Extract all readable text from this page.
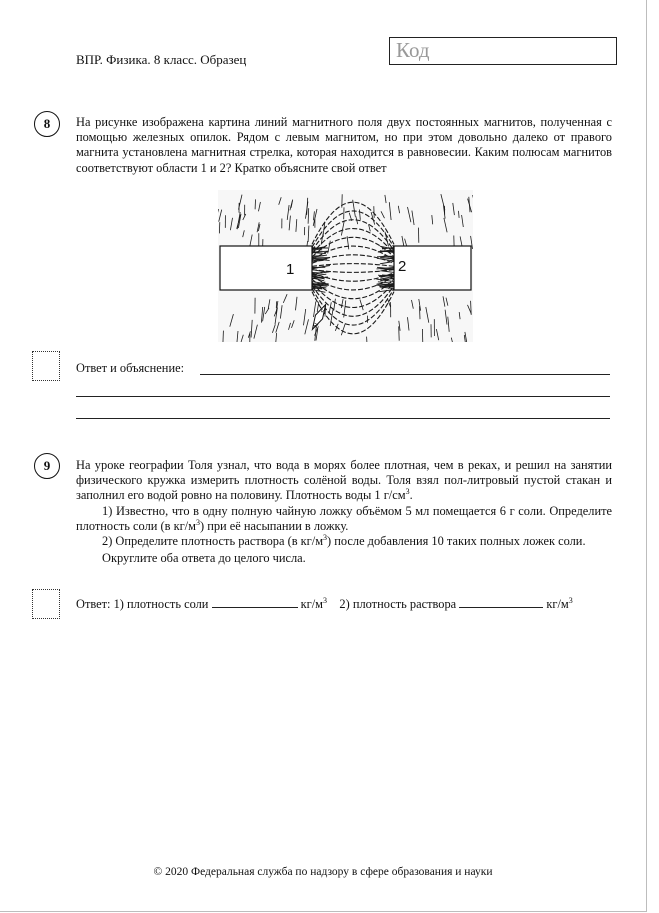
ВПР. Физика. 8 класс. Образец	Код
8	На рисунке изображена картина линий магнитного поля двух постоянных магнитов, полученная с помощью железных опилок. Рядом с левым магнитом, но при этом довольно далеко от правого магнита установлена магнитная стрелка, которая находится в равновесии. Каким полюсам магнитов соответствуют области 1 и 2? Кратко объясните свой ответ
1	2
N
S
Ответ и объяснение:
9	На уроке географии Толя узнал, что вода в морях более плотная, чем в реках, и решил на занятии физического кружка измерить плотность солёной воды. Толя взял пол-литровый пустой стакан и заполнил его водой ровно на половину. Плотность воды 1 $г/см^3$.

1) Известно, что в одну полную чайную ложку объёмом 5 мл помещается 6 г соли. Определите плотность соли (в $кг/м^3$) при её насыпании в ложку.

2) Определите плотность раствора (в $кг/м^3$) после добавления 10 таких полных ложек соли.

Округлите оба ответа до целого числа.

Ответ: 1) плотность соли	$кг/м^3$ 2) плотность раствора	$кг/м^3$
© 2020 Федеральная служба по надзору в сфере образования и науки
